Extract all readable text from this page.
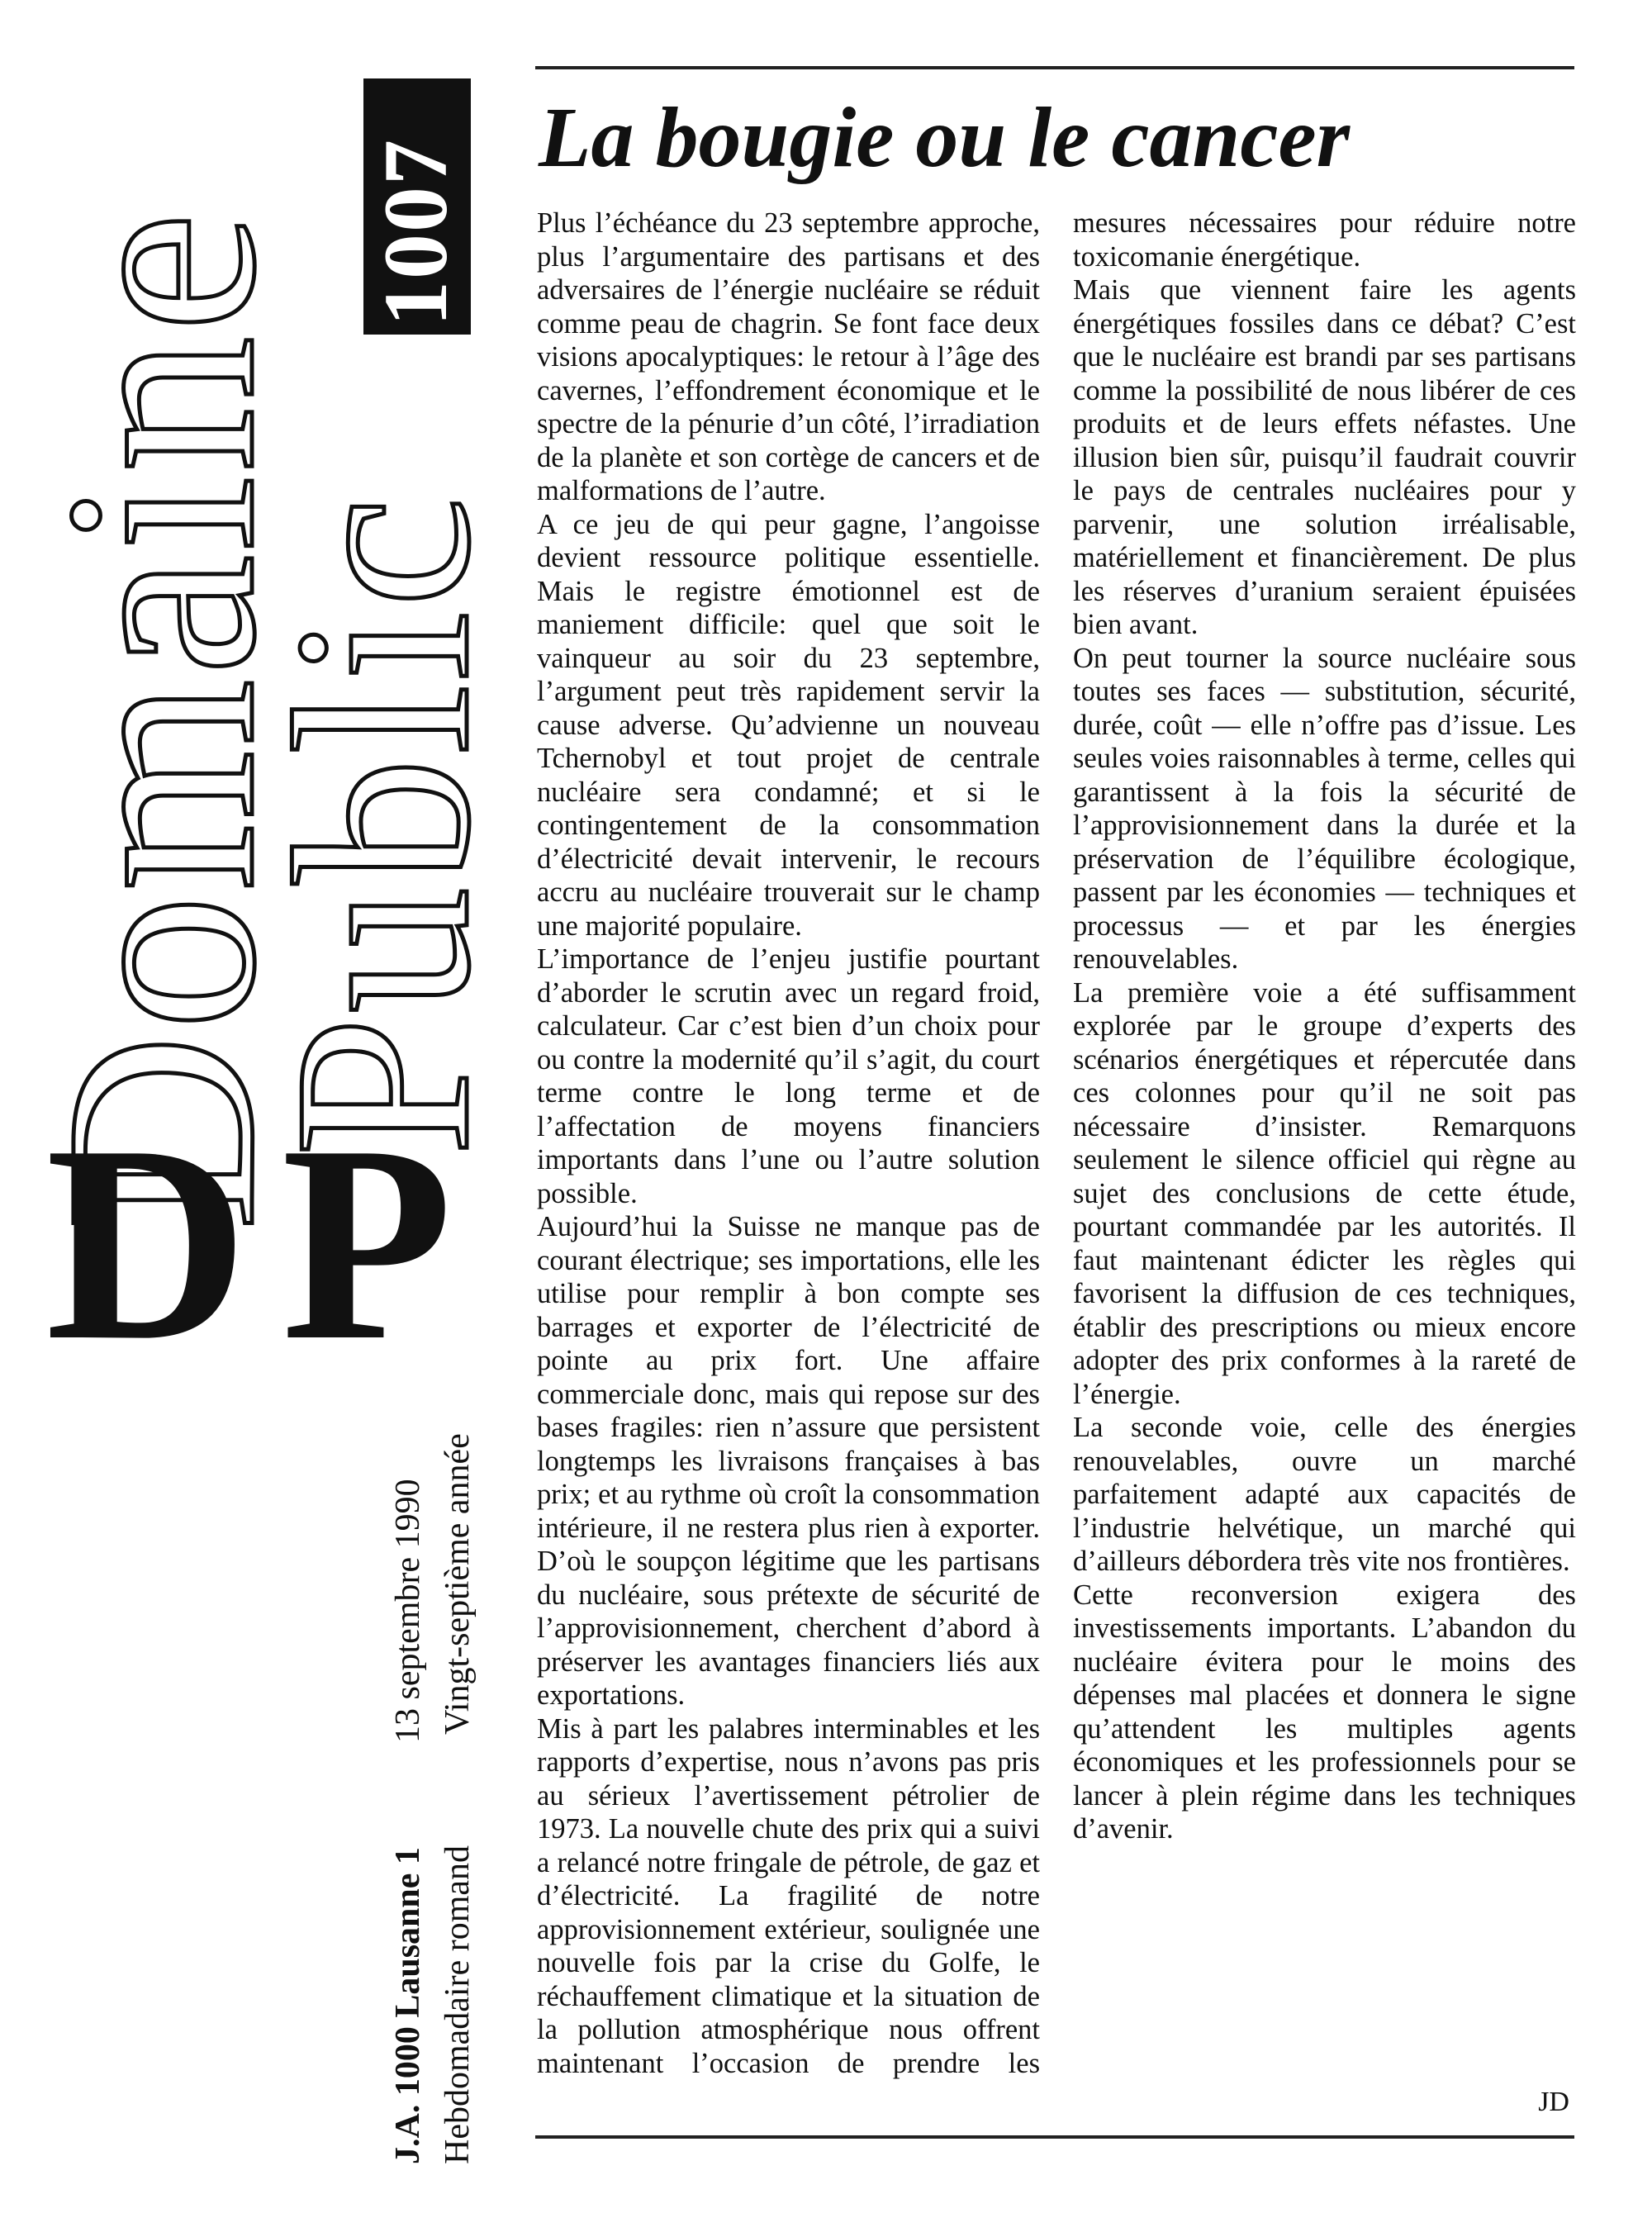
Domaine
Public
1007
DP
J.A. 1000 Lausanne 1
13 septembre 1990
Hebdomadaire romand
Vingt-septième année
La bougie ou le cancer

Plus l’échéance du 23 septembre approche, plus l’argumentaire des partisans et des adversaires de l’énergie nucléaire se réduit comme peau de chagrin. Se font face deux visions apocalyptiques: le retour à l’âge des cavernes, l’effondrement économique et le spectre de la pénurie d’un côté, l’irradiation de la planète et son cortège de cancers et de malformations de l’autre.

A ce jeu de qui peur gagne, l’angoisse devient ressource politique essentielle. Mais le registre émotionnel est de maniement difficile: quel que soit le vainqueur au soir du 23 septembre, l’argument peut très rapidement servir la cause adverse. Qu’advienne un nouveau Tchernobyl et tout projet de centrale nucléaire sera condamné; et si le contingentement de la consommation d’électricité devait intervenir, le recours accru au nucléaire trouverait sur le champ une majorité populaire.

L’importance de l’enjeu justifie pourtant d’aborder le scrutin avec un regard froid, calculateur. Car c’est bien d’un choix pour ou contre la modernité qu’il s’agit, du court terme contre le long terme et de l’affectation de moyens financiers importants dans l’une ou l’autre solution possible.

Aujourd’hui la Suisse ne manque pas de courant électrique; ses importations, elle les utilise pour remplir à bon compte ses barrages et exporter de l’électricité de pointe au prix fort. Une affaire commerciale donc, mais qui repose sur des bases fragiles: rien n’assure que persistent longtemps les livraisons françaises à bas prix; et au rythme où croît la consommation intérieure, il ne restera plus rien à exporter. D’où le soupçon légitime que les partisans du nucléaire, sous prétexte de sécurité de l’approvisionnement, cherchent d’abord à préserver les avantages financiers liés aux exportations.

Mis à part les palabres interminables et les rapports d’expertise, nous n’avons pas pris au sérieux l’avertissement pétrolier de 1973. La nouvelle chute des prix qui a suivi a relancé notre fringale de pétrole, de gaz et d’électricité. La fragilité de notre approvisionnement extérieur, soulignée une nouvelle fois par la crise du Golfe, le réchauffement climatique et la situation de la pollution atmosphérique nous offrent maintenant l’occasion de prendre les mesures nécessaires pour réduire notre toxicomanie énergétique.

Mais que viennent faire les agents énergétiques fossiles dans ce débat? C’est que le nucléaire est brandi par ses partisans comme la possibilité de nous libérer de ces produits et de leurs effets néfastes. Une illusion bien sûr, puisqu’il faudrait couvrir le pays de centrales nucléaires pour y parvenir, une solution irréalisable, matériellement et financièrement. De plus les réserves d’uranium seraient épuisées bien avant.

On peut tourner la source nucléaire sous toutes ses faces — substitution, sécurité, durée, coût — elle n’offre pas d’issue. Les seules voies raisonnables à terme, celles qui garantissent à la fois la sécurité de l’approvisionnement dans la durée et la préservation de l’équilibre écologique, passent par les économies — techniques et processus — et par les énergies renouvelables.

La première voie a été suffisamment explorée par le groupe d’experts des scénarios énergétiques et répercutée dans ces colonnes pour qu’il ne soit pas nécessaire d’insister. Remarquons seulement le silence officiel qui règne au sujet des conclusions de cette étude, pourtant commandée par les autorités. Il faut maintenant édicter les règles qui favorisent la diffusion de ces techniques, établir des prescriptions ou mieux encore adopter des prix conformes à la rareté de l’énergie.

La seconde voie, celle des énergies renouvelables, ouvre un marché parfaitement adapté aux capacités de l’industrie helvétique, un marché qui d’ailleurs débordera très vite nos frontières.

Cette reconversion exigera des investissements importants. L’abandon du nucléaire évitera pour le moins des dépenses mal placées et donnera le signe qu’attendent les multiples agents économiques et les professionnels pour se lancer à plein régime dans les techniques d’avenir.

JD
